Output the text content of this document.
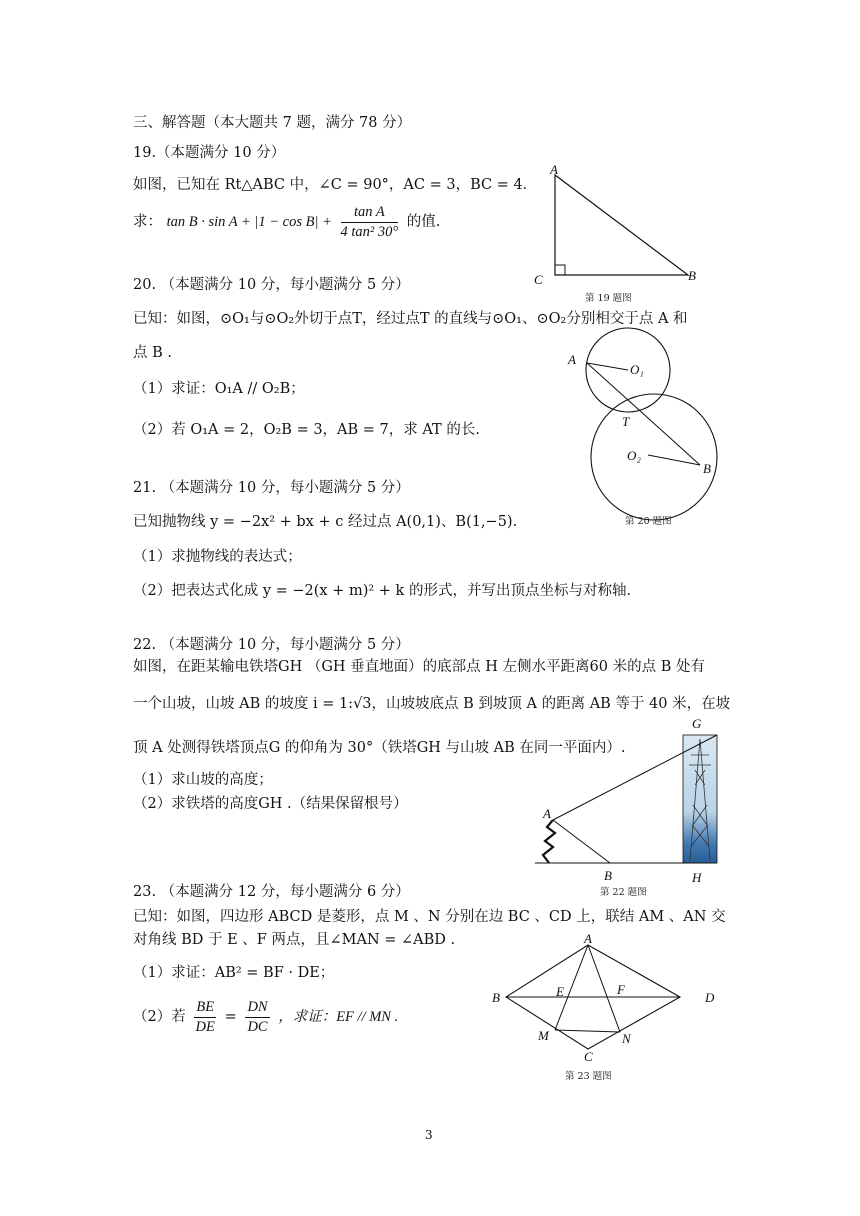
三、解答题（本大题共 7 题，满分 78 分）
19.（本题满分 10 分）
如图，已知在 Rt△ABC 中，∠C = 90°，AC = 3，BC = 4．
求： $\tan B \cdot \sin A + |1 - \cos B| + \frac{\text{tan A}}{\text{4 tan² 30°}}$ 的值.
A
C	B
第 19 题图
20. （本题满分 10 分，每小题满分 5 分）
已知：如图，⊙O₁与⊙O₂外切于点T，经过点T 的直线与⊙O₁、⊙O₂分别相交于点 A 和
点 B .
（1）求证：O₁A // O₂B；
（2）若 O₁A = 2，O₂B = 3，AB = 7，求 AT 的长.
A
O₁
T
O₂
B
第 20 题图
21. （本题满分 10 分，每小题满分 5 分）
已知抛物线 y = −2x² + bx + c 经过点 A(0,1)、B(1,−5).
（1）求抛物线的表达式；
（2）把表达式化成 y = −2(x + m)² + k 的形式，并写出顶点坐标与对称轴.
22. （本题满分 10 分，每小题满分 5 分）
如图，在距某输电铁塔GH （GH 垂直地面）的底部点 H 左侧水平距离60 米的点 B 处有
一个山坡，山坡 AB 的坡度 i = 1:√3，山坡坡底点 B 到坡顶 A 的距离 AB 等于 40 米，在坡
顶 A 处测得铁塔顶点G 的仰角为 30°（铁塔GH 与山坡 AB 在同一平面内）.
（1）求山坡的高度；
（2）求铁塔的高度GH .（结果保留根号）
G
A
B	H
第 22 题图
23. （本题满分 12 分，每小题满分 6 分）
已知：如图，四边形 ABCD 是菱形，点 M 、N 分别在边 BC 、CD 上，联结 AM 、AN 交
对角线 BD 于 E 、F 两点，且∠MAN = ∠ABD .
（1）求证：AB² = BF · DE；
（2）若 $\frac{BE}{DE} = \frac{DN}{DC}$ ，求证：EF // MN .
A
B	E	F
D
M	N
C
第 23 题图
3
